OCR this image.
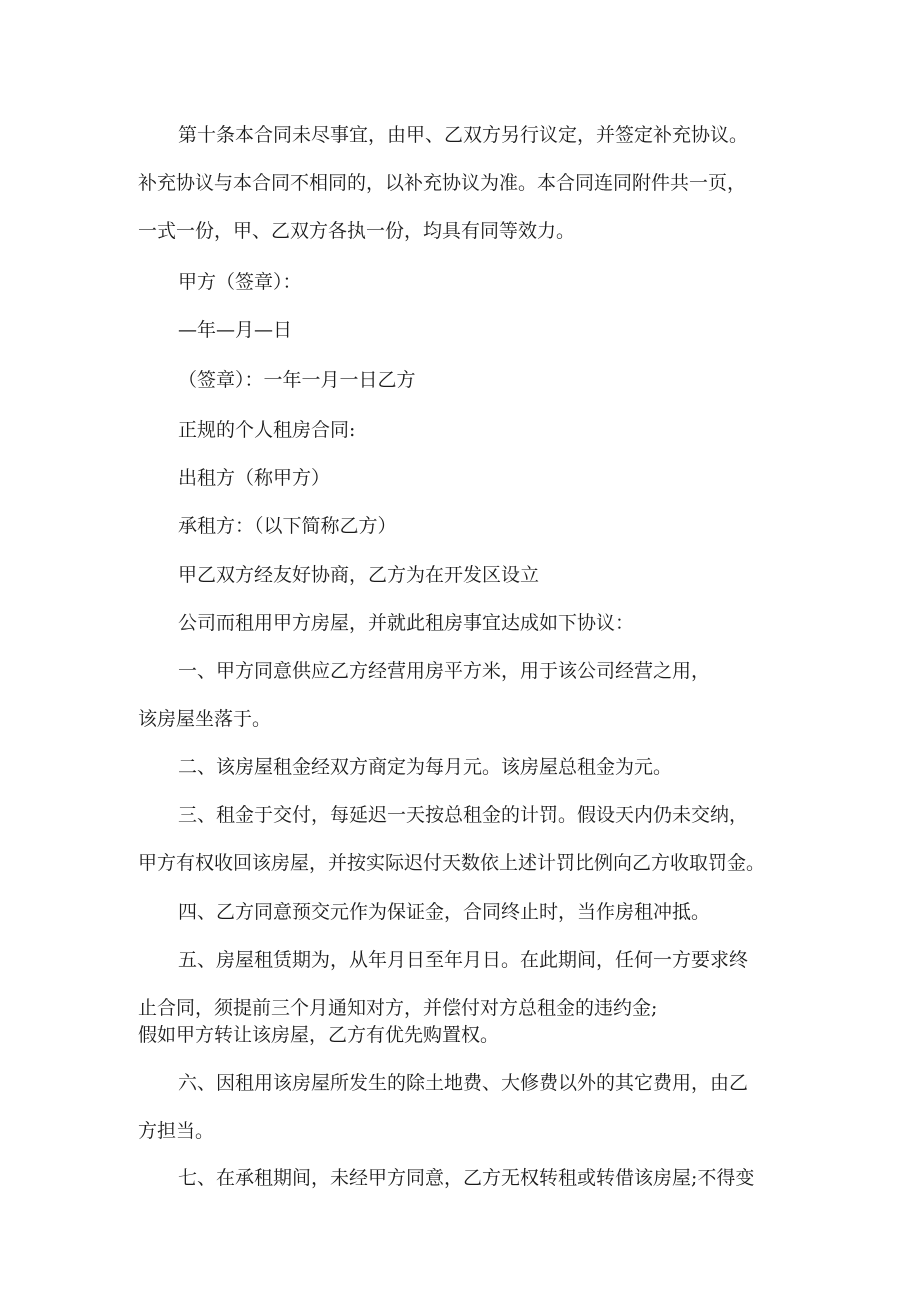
第十条本合同未尽事宜，由甲、乙双方另行议定，并签定补充协议。

补充协议与本合同不相同的，以补充协议为准。本合同连同附件共一页，

一式一份，甲、乙双方各执一份，均具有同等效力。

甲方（签章）：

—年—月—日

（签章）：一年一月一日乙方

正规的个人租房合同:

出租方（称甲方）

承租方：（以下简称乙方）

甲乙双方经友好协商，乙方为在开发区设立

公司而租用甲方房屋，并就此租房事宜达成如下协议：

一、甲方同意供应乙方经营用房平方米，用于该公司经营之用，

该房屋坐落于。

二、该房屋租金经双方商定为每月元。该房屋总租金为元。

三、租金于交付，每延迟一天按总租金的计罚。假设天内仍未交纳，

甲方有权收回该房屋，并按实际迟付天数依上述计罚比例向乙方收取罚金。

四、乙方同意预交元作为保证金，合同终止时，当作房租冲抵。

五、房屋租赁期为，从年月日至年月日。在此期间，任何一方要求终

止合同，须提前三个月通知对方，并偿付对方总租金的违约金;

假如甲方转让该房屋，乙方有优先购置权。

六、因租用该房屋所发生的除土地费、大修费以外的其它费用，由乙

方担当。

七、在承租期间，未经甲方同意，乙方无权转租或转借该房屋;不得变
